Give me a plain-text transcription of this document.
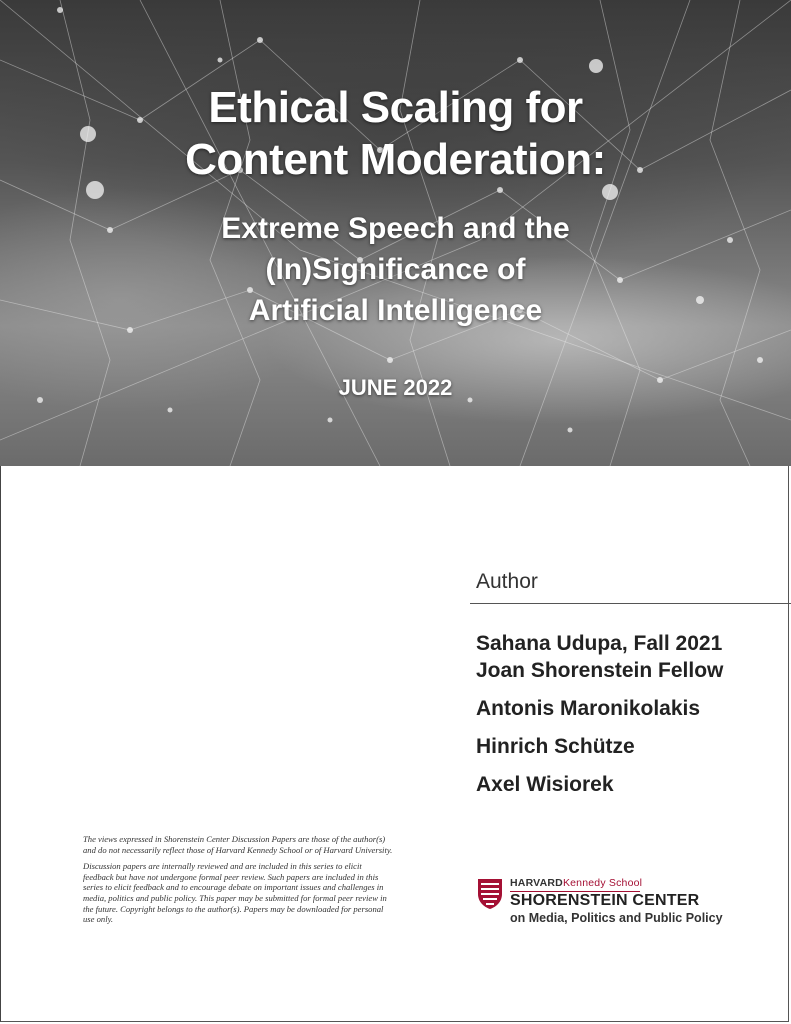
Ethical Scaling for
Content Moderation:
Extreme Speech and the
(In)Significance of
Artificial Intelligence
JUNE 2022
Author
Sahana Udupa, Fall 2021
Joan Shorenstein Fellow
Antonis Maronikolakis
Hinrich Schütze
Axel Wisiorek

The views expressed in Shorenstein Center Discussion Papers are those of the author(s) and do not necessarily reflect those of Harvard Kennedy School or of Harvard University.

Discussion papers are internally reviewed and are included in this series to elicit feedback but have not undergone formal peer review. Such papers are included in this series to elicit feedback and to encourage debate on important issues and challenges in media, politics and public policy. This paper may be submitted for formal peer review in the future. Copyright belongs to the author(s). Papers may be downloaded for personal use only.

HARVARDKennedy School
SHORENSTEIN CENTER
on Media, Politics and Public Policy
